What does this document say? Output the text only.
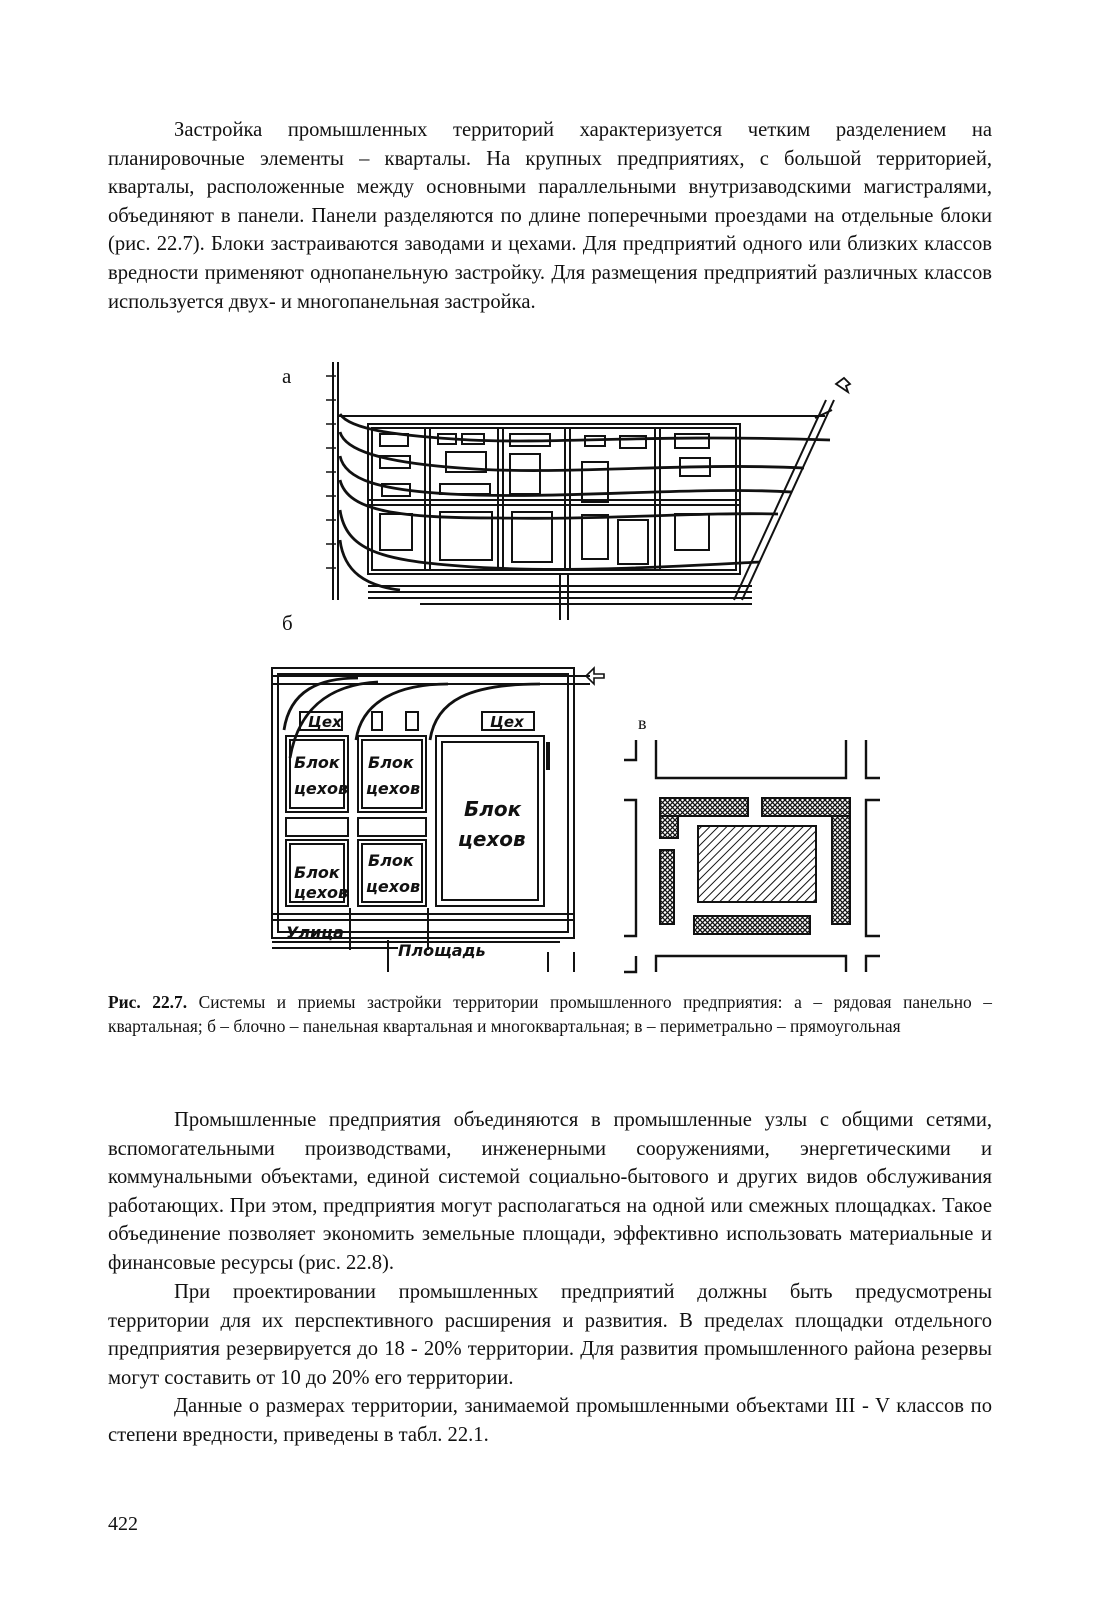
Застройка промышленных территорий характеризуется четким разделением на планировочные элементы – кварталы. На крупных предприятиях, с большой территорией, кварталы, расположенные между основными параллельными внутризаводскими магистралями, объединяют в панели. Панели разделяются по длине поперечными проездами на отдельные блоки (рис. 22.7). Блоки застраиваются заводами и цехами. Для предприятий одного или близких классов вредности применяют однопанельную застройку. Для размещения предприятий различных классов используется двух- и многопанельная застройка.

а
б
в
Цех	Цех
Блок
цехов
Блок
цехов
Блок
цехов
Блок
цехов
Блок
цехов
Улица
Площадь

Рис. 22.7. Системы и приемы застройки территории промышленного предприятия: а – рядовая панельно – квартальная; б – блочно – панельная квартальная и многоквартальная; в – периметрально – прямоугольная

Промышленные предприятия объединяются в промышленные узлы с общими сетями, вспомогательными производствами, инженерными сооружениями, энергетическими и коммунальными объектами, единой системой социально-бытового и других видов обслуживания работающих. При этом, предприятия могут располагаться на одной или смежных площадках. Такое объединение позволяет экономить земельные площади, эффективно использовать материальные и финансовые ресурсы (рис. 22.8).

При проектировании промышленных предприятий должны быть предусмотрены территории для их перспективного расширения и развития. В пределах площадки отдельного предприятия резервируется до 18 - 20% территории. Для развития промышленного района резервы могут составить от 10 до 20% его территории.

Данные о размерах территории, занимаемой промышленными объектами III - V классов по степени вредности, приведены в табл. 22.1.

422
